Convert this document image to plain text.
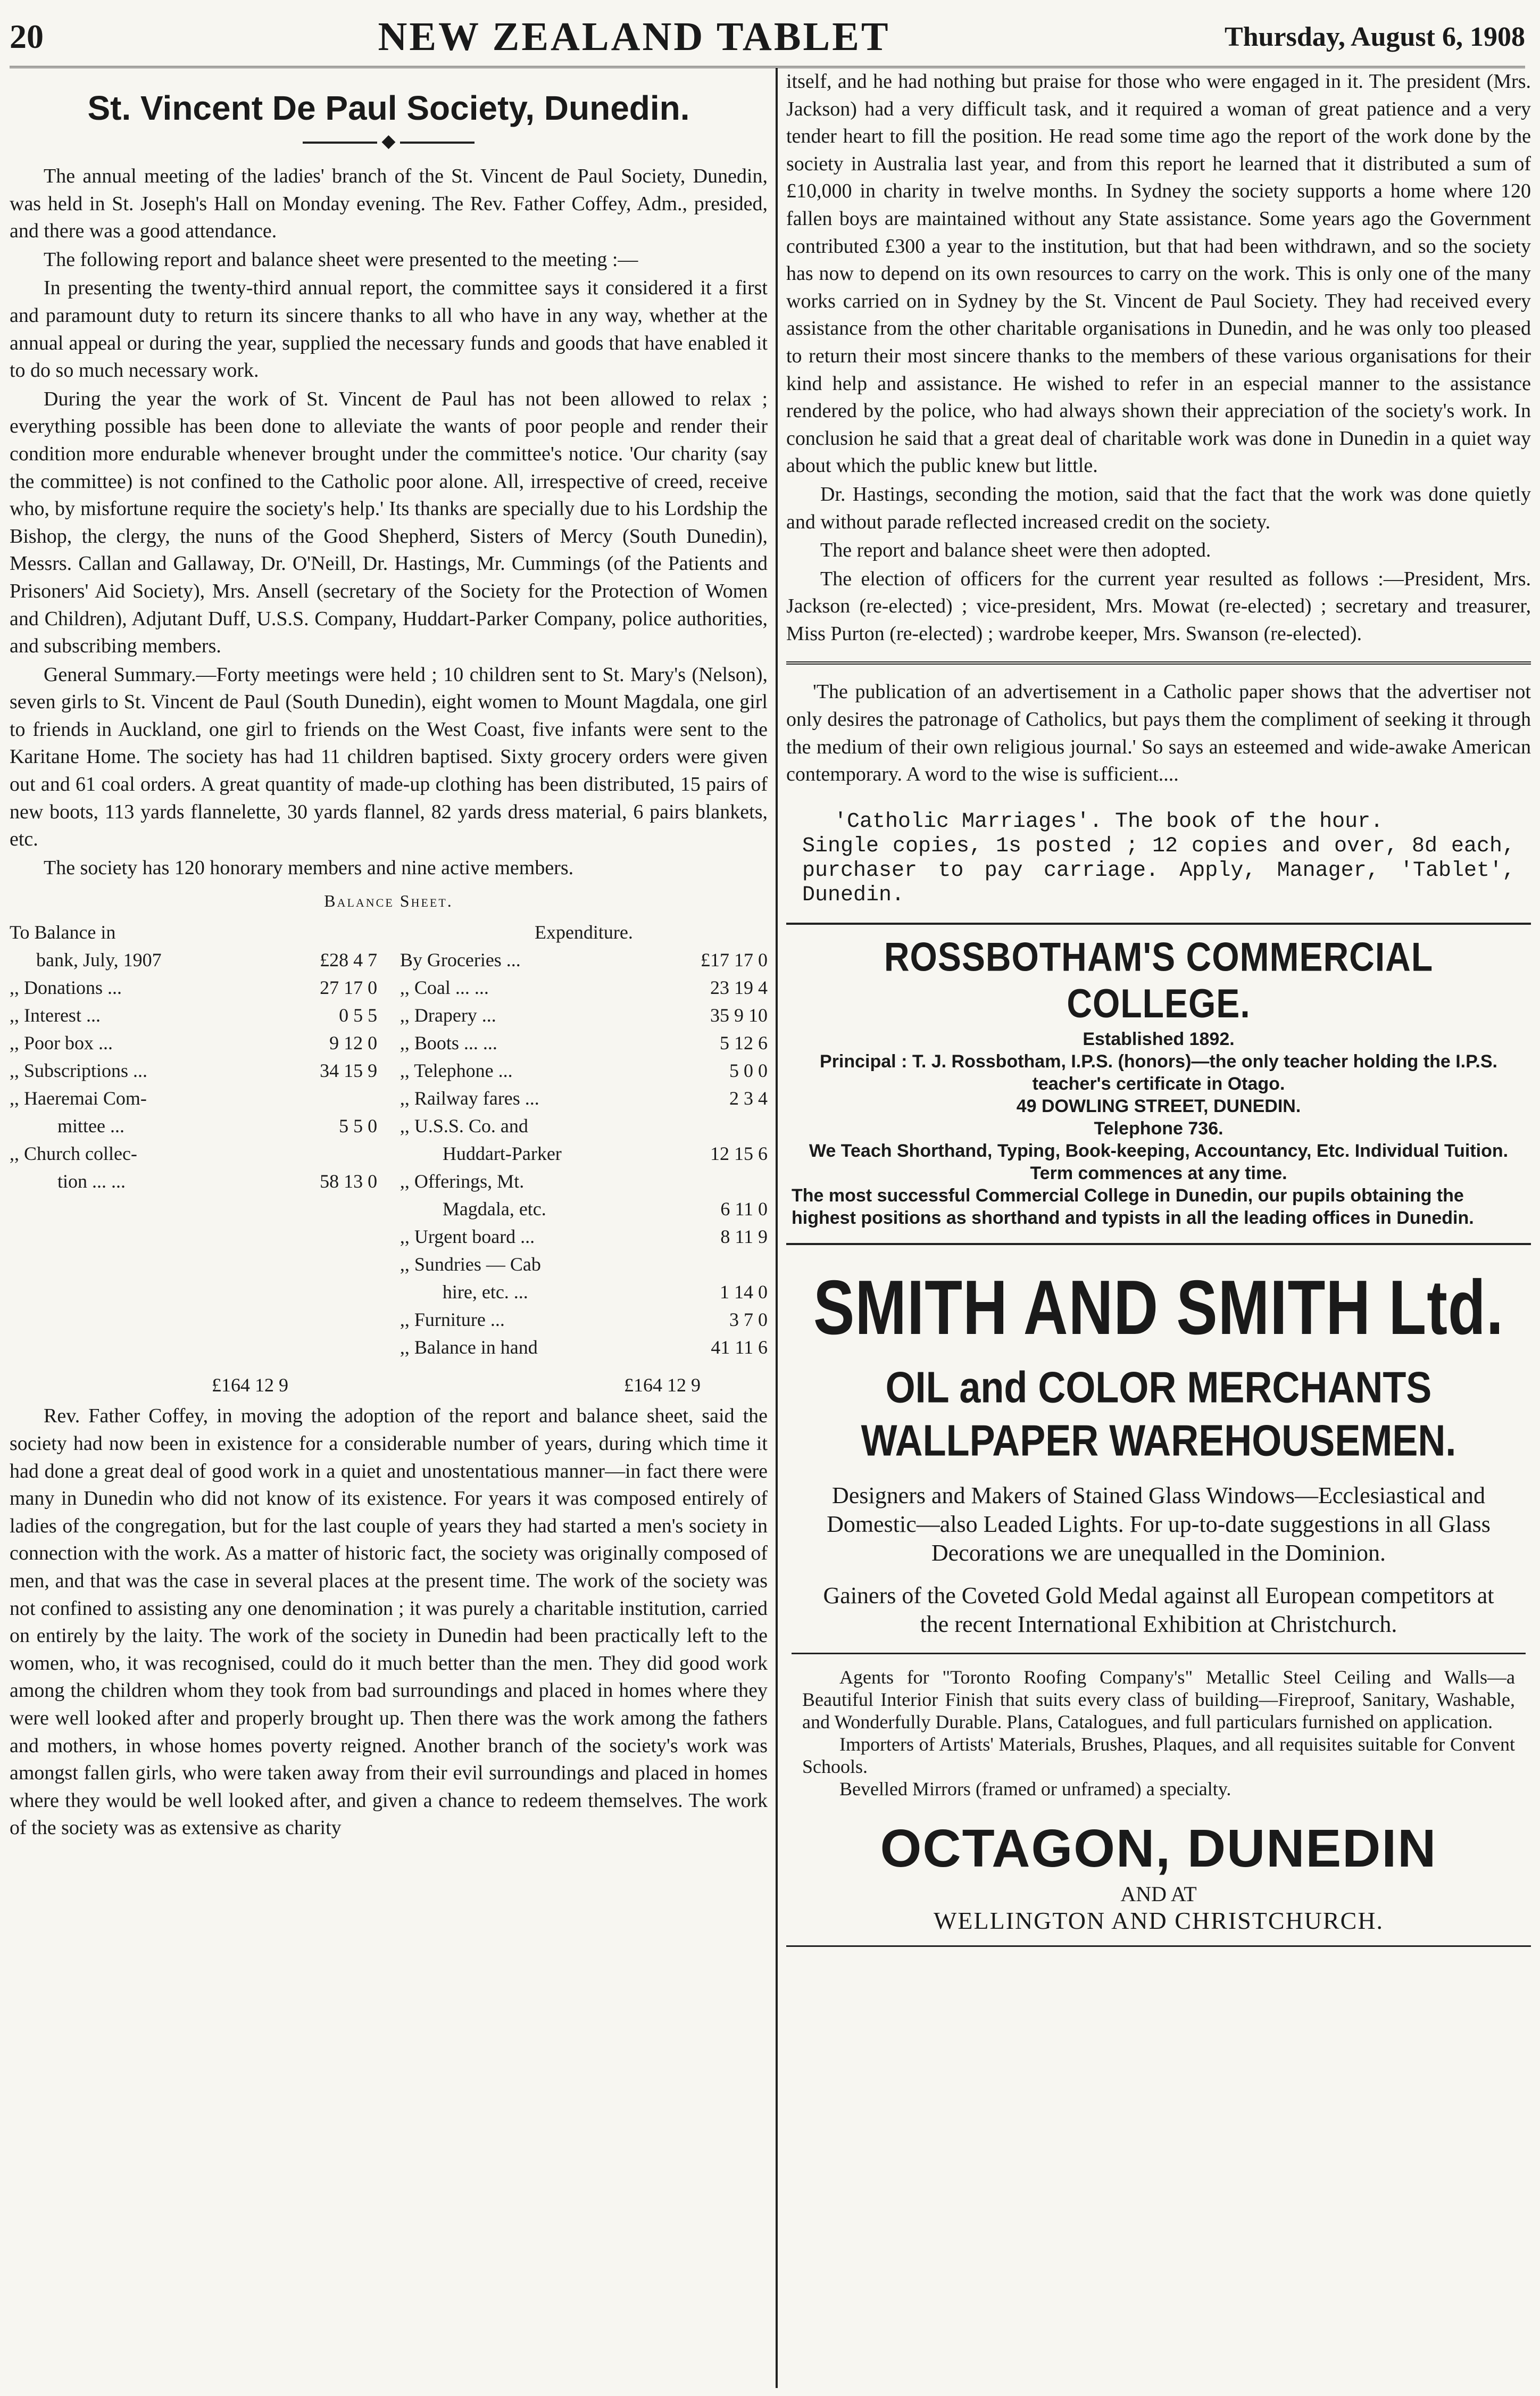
20	NEW ZEALAND TABLET	Thursday, August 6, 1908
St. Vincent De Paul Society, Dunedin.
◆

The annual meeting of the ladies' branch of the St. Vincent de Paul Society, Dunedin, was held in St. Joseph's Hall on Monday evening. The Rev. Father Coffey, Adm., presided, and there was a good attendance.

The following report and balance sheet were presented to the meeting :—

In presenting the twenty-third annual report, the committee says it considered it a first and paramount duty to return its sincere thanks to all who have in any way, whether at the annual appeal or during the year, supplied the necessary funds and goods that have enabled it to do so much necessary work.

During the year the work of St. Vincent de Paul has not been allowed to relax ; everything possible has been done to alleviate the wants of poor people and render their condition more endurable whenever brought under the committee's notice. 'Our charity (say the committee) is not confined to the Catholic poor alone. All, irrespective of creed, receive who, by misfortune require the society's help.' Its thanks are specially due to his Lordship the Bishop, the clergy, the nuns of the Good Shepherd, Sisters of Mercy (South Dunedin), Messrs. Callan and Gallaway, Dr. O'Neill, Dr. Hastings, Mr. Cummings (of the Patients and Prisoners' Aid Society), Mrs. Ansell (secretary of the Society for the Protection of Women and Children), Adjutant Duff, U.S.S. Company, Huddart-Parker Company, police authorities, and subscribing members.

General Summary.—Forty meetings were held ; 10 children sent to St. Mary's (Nelson), seven girls to St. Vincent de Paul (South Dunedin), eight women to Mount Magdala, one girl to friends in Auckland, one girl to friends on the West Coast, five infants were sent to the Karitane Home. The society has had 11 children baptised. Sixty grocery orders were given out and 61 coal orders. A great quantity of made-up clothing has been distributed, 15 pairs of new boots, 113 yards flannelette, 30 yards flannel, 82 yards dress material, 6 pairs blankets, etc.

The society has 120 honorary members and nine active members.

Balance Sheet.
To Balance in
bank, July, 1907	£28 4 7
,, Donations ...	27 17 0
,, Interest ...	0 5 5
,, Poor box ...	9 12 0
,, Subscriptions ...	34 15 9
,, Haeremai Com-
mittee ...	5 5 0
,, Church collec-
tion ... ...	58 13 0
Expenditure.
By Groceries ...	£17 17 0
,, Coal ... ...	23 19 4
,, Drapery ...	35 9 10
,, Boots ... ...	5 12 6
,, Telephone ...	5 0 0
,, Railway fares ...	2 3 4
,, U.S.S. Co. and
Huddart-Parker	12 15 6
,, Offerings, Mt.
Magdala, etc.	6 11 0
,, Urgent board ...	8 11 9
,, Sundries — Cab
hire, etc. ...	1 14 0
,, Furniture ...	3 7 0
,, Balance in hand	41 11 6
£164 12 9	£164 12 9

Rev. Father Coffey, in moving the adoption of the report and balance sheet, said the society had now been in existence for a considerable number of years, during which time it had done a great deal of good work in a quiet and unostentatious manner—in fact there were many in Dunedin who did not know of its existence. For years it was composed entirely of ladies of the congregation, but for the last couple of years they had started a men's society in connection with the work. As a matter of historic fact, the society was originally composed of men, and that was the case in several places at the present time. The work of the society was not confined to assisting any one denomination ; it was purely a charitable institution, carried on entirely by the laity. The work of the society in Dunedin had been practically left to the women, who, it was recognised, could do it much better than the men. They did good work among the children whom they took from bad surroundings and placed in homes where they were well looked after and properly brought up. Then there was the work among the fathers and mothers, in whose homes poverty reigned. Another branch of the society's work was amongst fallen girls, who were taken away from their evil surroundings and placed in homes where they would be well looked after, and given a chance to redeem themselves. The work of the society was as extensive as charity

itself, and he had nothing but praise for those who were engaged in it. The president (Mrs. Jackson) had a very difficult task, and it required a woman of great patience and a very tender heart to fill the position. He read some time ago the report of the work done by the society in Australia last year, and from this report he learned that it distributed a sum of £10,000 in charity in twelve months. In Sydney the society supports a home where 120 fallen boys are maintained without any State assistance. Some years ago the Government contributed £300 a year to the institution, but that had been withdrawn, and so the society has now to depend on its own resources to carry on the work. This is only one of the many works carried on in Sydney by the St. Vincent de Paul Society. They had received every assistance from the other charitable organisations in Dunedin, and he was only too pleased to return their most sincere thanks to the members of these various organisations for their kind help and assistance. He wished to refer in an especial manner to the assistance rendered by the police, who had always shown their appreciation of the society's work. In conclusion he said that a great deal of charitable work was done in Dunedin in a quiet way about which the public knew but little.

Dr. Hastings, seconding the motion, said that the fact that the work was done quietly and without parade reflected increased credit on the society.

The report and balance sheet were then adopted.

The election of officers for the current year resulted as follows :—President, Mrs. Jackson (re-elected) ; vice-president, Mrs. Mowat (re-elected) ; secretary and treasurer, Miss Purton (re-elected) ; wardrobe keeper, Mrs. Swanson (re-elected).

'The publication of an advertisement in a Catholic paper shows that the advertiser not only desires the patronage of Catholics, but pays them the compliment of seeking it through the medium of their own religious journal.' So says an esteemed and wide-awake American contemporary. A word to the wise is sufficient....

'Catholic Marriages'. The book of the hour.
Single copies, 1s posted ; 12 copies and over, 8d each, purchaser to pay carriage. Apply, Manager, 'Tablet', Dunedin.
ROSSBOTHAM'S COMMERCIAL COLLEGE.
Established 1892.
Principal : T. J. Rossbotham, I.P.S. (honors)—the only teacher holding the I.P.S. teacher's certificate in Otago.
49 DOWLING STREET, DUNEDIN.
Telephone 736.
We Teach Shorthand, Typing, Book-keeping, Accountancy, Etc. Individual Tuition. Term commences at any time.
The most successful Commercial College in Dunedin, our pupils obtaining the highest positions as shorthand and typists in all the leading offices in Dunedin.
SMITH AND SMITH Ltd.
OIL and COLOR MERCHANTS
WALLPAPER WAREHOUSEMEN.
Designers and Makers of Stained Glass Windows—Ecclesiastical and Domestic—also Leaded Lights. For up-to-date suggestions in all Glass Decorations we are unequalled in the Dominion.
Gainers of the Coveted Gold Medal against all European competitors at the recent International Exhibition at Christchurch.
Agents for "Toronto Roofing Company's" Metallic Steel Ceiling and Walls—a Beautiful Interior Finish that suits every class of building—Fireproof, Sanitary, Washable, and Wonderfully Durable. Plans, Catalogues, and full particulars furnished on application.
Importers of Artists' Materials, Brushes, Plaques, and all requisites suitable for Convent Schools.
Bevelled Mirrors (framed or unframed) a specialty.
OCTAGON, DUNEDIN
AND AT
WELLINGTON AND CHRISTCHURCH.
